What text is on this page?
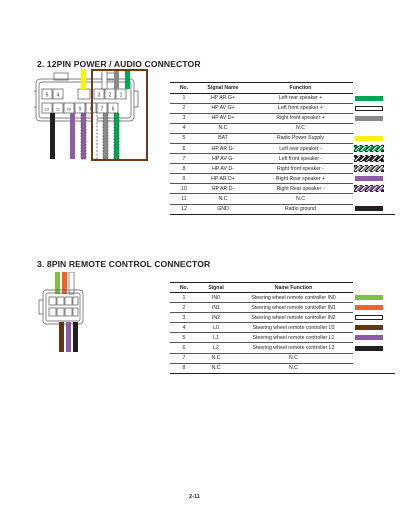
2. 12PIN POWER / AUDIO CONNECTOR
5 4	3 2 1
12 11 10 9 8 7 6
No.	Signal Name	Function	
1	HP AR G+	Left rear speaker +	

2	HP AV G+	Left front speaker +	

3	HP AV D+	Right front speaker +	

4	N.C	N.C	
5	BAT	Radio Power Supply	

6	HP AR G-	Left rear speaker -	

7	HP AV G-	Left front speaker -	

8	HP AV D-	Right front speaker -	

9	HP AR D+	Right Rear speaker +	

10	HP AR D-	Right Rear speaker -	

11	N.C	N.C	
12	GND	Radio ground	
3. 8PIN REMOTE CONTROL CONNECTOR
No.	Signal	Name Function	
1	IN0	Steering wheel remote controller IN0	

2	IN1	Steering wheel remote controller IN1	

3	IN2	Steering wheel remote controller IN2	

4	L0	Steering wheel remote controller L0	

5	L1	Steering wheel remote controller L1	

6	L2	Steering wheel remote controller L2	

7	N.C	N.C	
8	N.C	N.C	
2-11
